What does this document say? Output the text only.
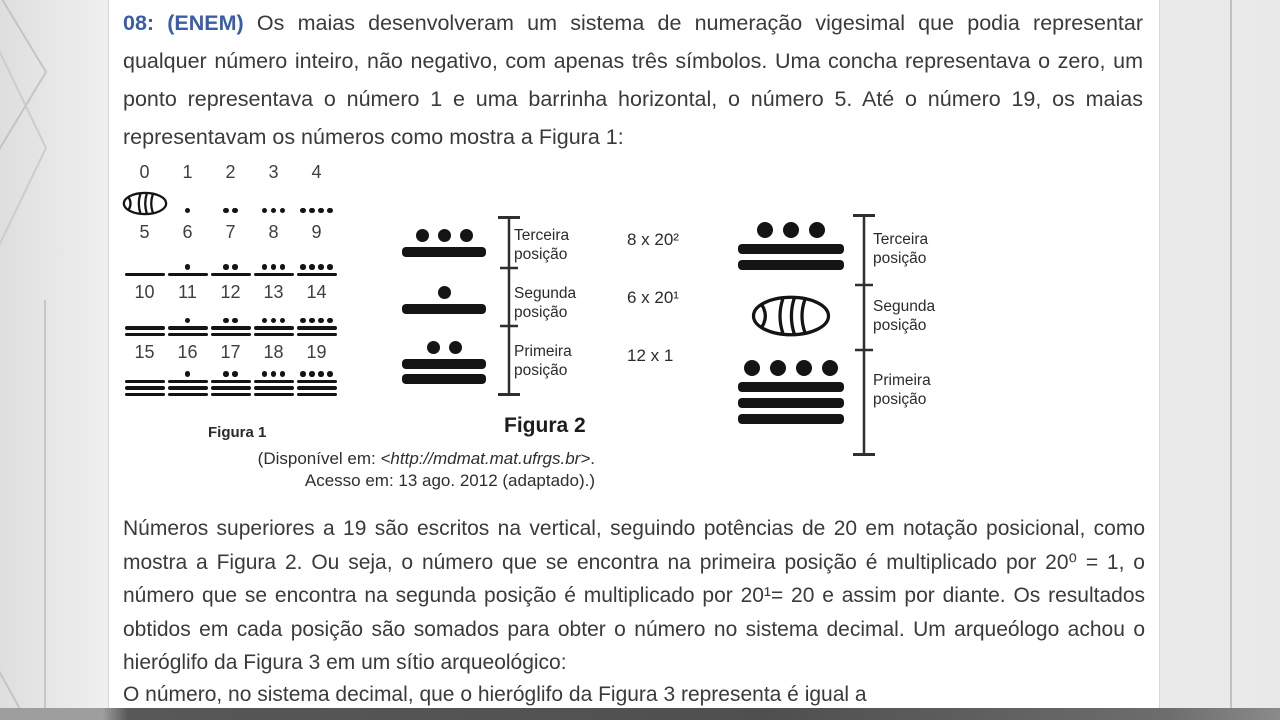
08: (ENEM) Os maias desenvolveram um sistema de numeração vigesimal que podia representar qualquer número inteiro, não negativo, com apenas três símbolos. Uma concha representava o zero, um ponto representava o número 1 e uma barrinha horizontal, o número 5. Até o número 19, os maias representavam os números como mostra a Figura 1:

0 1 2 3 4
5 6 7 8 9
10 11 12 13 14
15 16 17 18 19
Figura 1
(Disponível em: <http://mdmat.mat.ufrgs.br>.
Acesso em: 13 ago. 2012 (adaptado).)
Terceira posição
Segunda posição
Primeira posição
8 x 20²
6 x 20¹
12 x 1
Figura 2
Terceira posição
Segunda posição
Primeira posição

Números superiores a 19 são escritos na vertical, seguindo potências de 20 em notação posicional, como mostra a Figura 2. Ou seja, o número que se encontra na primeira posição é multiplicado por 20⁰ = 1, o número que se encontra na segunda posição é multiplicado por 20¹= 20 e assim por diante. Os resultados obtidos em cada posição são somados para obter o número no sistema decimal. Um arqueólogo achou o hieróglifo da Figura 3 em um sítio arqueológico:

O número, no sistema decimal, que o hieróglifo da Figura 3 representa é igual a
